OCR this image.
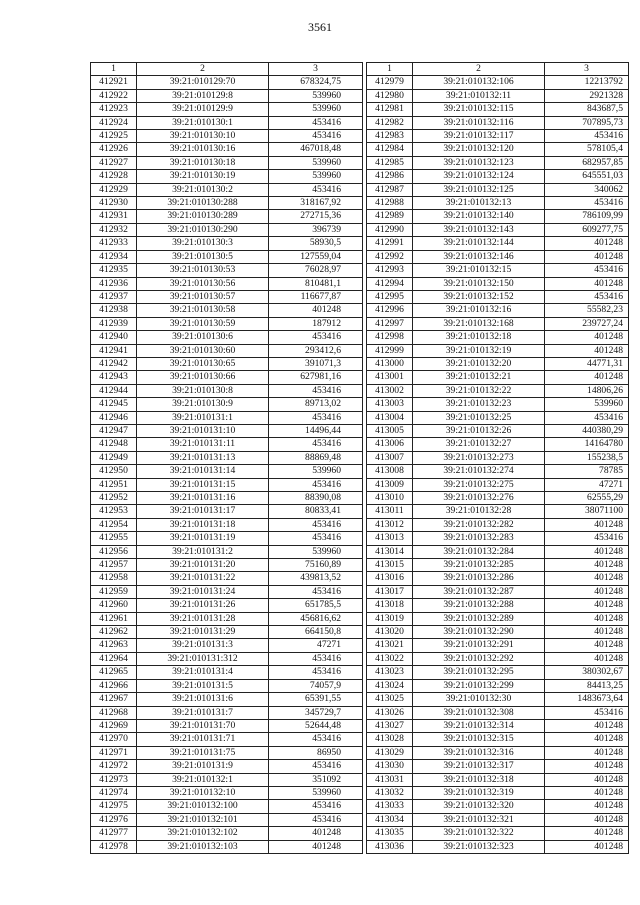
3561
1	2	3
412921	39:21:010129:70	678324,75
412922	39:21:010129:8	539960
412923	39:21:010129:9	539960
412924	39:21:010130:1	453416
412925	39:21:010130:10	453416
412926	39:21:010130:16	467018,48
412927	39:21:010130:18	539960
412928	39:21:010130:19	539960
412929	39:21:010130:2	453416
412930	39:21:010130:288	318167,92
412931	39:21:010130:289	272715,36
412932	39:21:010130:290	396739
412933	39:21:010130:3	58930,5
412934	39:21:010130:5	127559,04
412935	39:21:010130:53	76028,97
412936	39:21:010130:56	810481,1
412937	39:21:010130:57	116677,87
412938	39:21:010130:58	401248
412939	39:21:010130:59	187912
412940	39:21:010130:6	453416
412941	39:21:010130:60	293412,6
412942	39:21:010130:65	391071,3
412943	39:21:010130:66	627981,16
412944	39:21:010130:8	453416
412945	39:21:010130:9	89713,02
412946	39:21:010131:1	453416
412947	39:21:010131:10	14496,44
412948	39:21:010131:11	453416
412949	39:21:010131:13	88869,48
412950	39:21:010131:14	539960
412951	39:21:010131:15	453416
412952	39:21:010131:16	88390,08
412953	39:21:010131:17	80833,41
412954	39:21:010131:18	453416
412955	39:21:010131:19	453416
412956	39:21:010131:2	539960
412957	39:21:010131:20	75160,89
412958	39:21:010131:22	439813,52
412959	39:21:010131:24	453416
412960	39:21:010131:26	651785,5
412961	39:21:010131:28	456816,62
412962	39:21:010131:29	664150,8
412963	39:21:010131:3	47271
412964	39:21:010131:312	453416
412965	39:21:010131:4	453416
412966	39:21:010131:5	74057,9
412967	39:21:010131:6	65391,55
412968	39:21:010131:7	345729,7
412969	39:21:010131:70	52644,48
412970	39:21:010131:71	453416
412971	39:21:010131:75	86950
412972	39:21:010131:9	453416
412973	39:21:010132:1	351092
412974	39:21:010132:10	539960
412975	39:21:010132:100	453416
412976	39:21:010132:101	453416
412977	39:21:010132:102	401248
412978	39:21:010132:103	401248
1	2	3
412979	39:21:010132:106	12213792
412980	39:21:010132:11	2921328
412981	39:21:010132:115	843687,5
412982	39:21:010132:116	707895,73
412983	39:21:010132:117	453416
412984	39:21:010132:120	578105,4
412985	39:21:010132:123	682957,85
412986	39:21:010132:124	645551,03
412987	39:21:010132:125	340062
412988	39:21:010132:13	453416
412989	39:21:010132:140	786109,99
412990	39:21:010132:143	609277,75
412991	39:21:010132:144	401248
412992	39:21:010132:146	401248
412993	39:21:010132:15	453416
412994	39:21:010132:150	401248
412995	39:21:010132:152	453416
412996	39:21:010132:16	55582,23
412997	39:21:010132:168	239727,24
412998	39:21:010132:18	401248
412999	39:21:010132:19	401248
413000	39:21:010132:20	44771,31
413001	39:21:010132:21	401248
413002	39:21:010132:22	14806,26
413003	39:21:010132:23	539960
413004	39:21:010132:25	453416
413005	39:21:010132:26	440380,29
413006	39:21:010132:27	14164780
413007	39:21:010132:273	155238,5
413008	39:21:010132:274	78785
413009	39:21:010132:275	47271
413010	39:21:010132:276	62555,29
413011	39:21:010132:28	38071100
413012	39:21:010132:282	401248
413013	39:21:010132:283	453416
413014	39:21:010132:284	401248
413015	39:21:010132:285	401248
413016	39:21:010132:286	401248
413017	39:21:010132:287	401248
413018	39:21:010132:288	401248
413019	39:21:010132:289	401248
413020	39:21:010132:290	401248
413021	39:21:010132:291	401248
413022	39:21:010132:292	401248
413023	39:21:010132:295	380302,67
413024	39:21:010132:299	84413,25
413025	39:21:010132:30	1483673,64
413026	39:21:010132:308	453416
413027	39:21:010132:314	401248
413028	39:21:010132:315	401248
413029	39:21:010132:316	401248
413030	39:21:010132:317	401248
413031	39:21:010132:318	401248
413032	39:21:010132:319	401248
413033	39:21:010132:320	401248
413034	39:21:010132:321	401248
413035	39:21:010132:322	401248
413036	39:21:010132:323	401248
